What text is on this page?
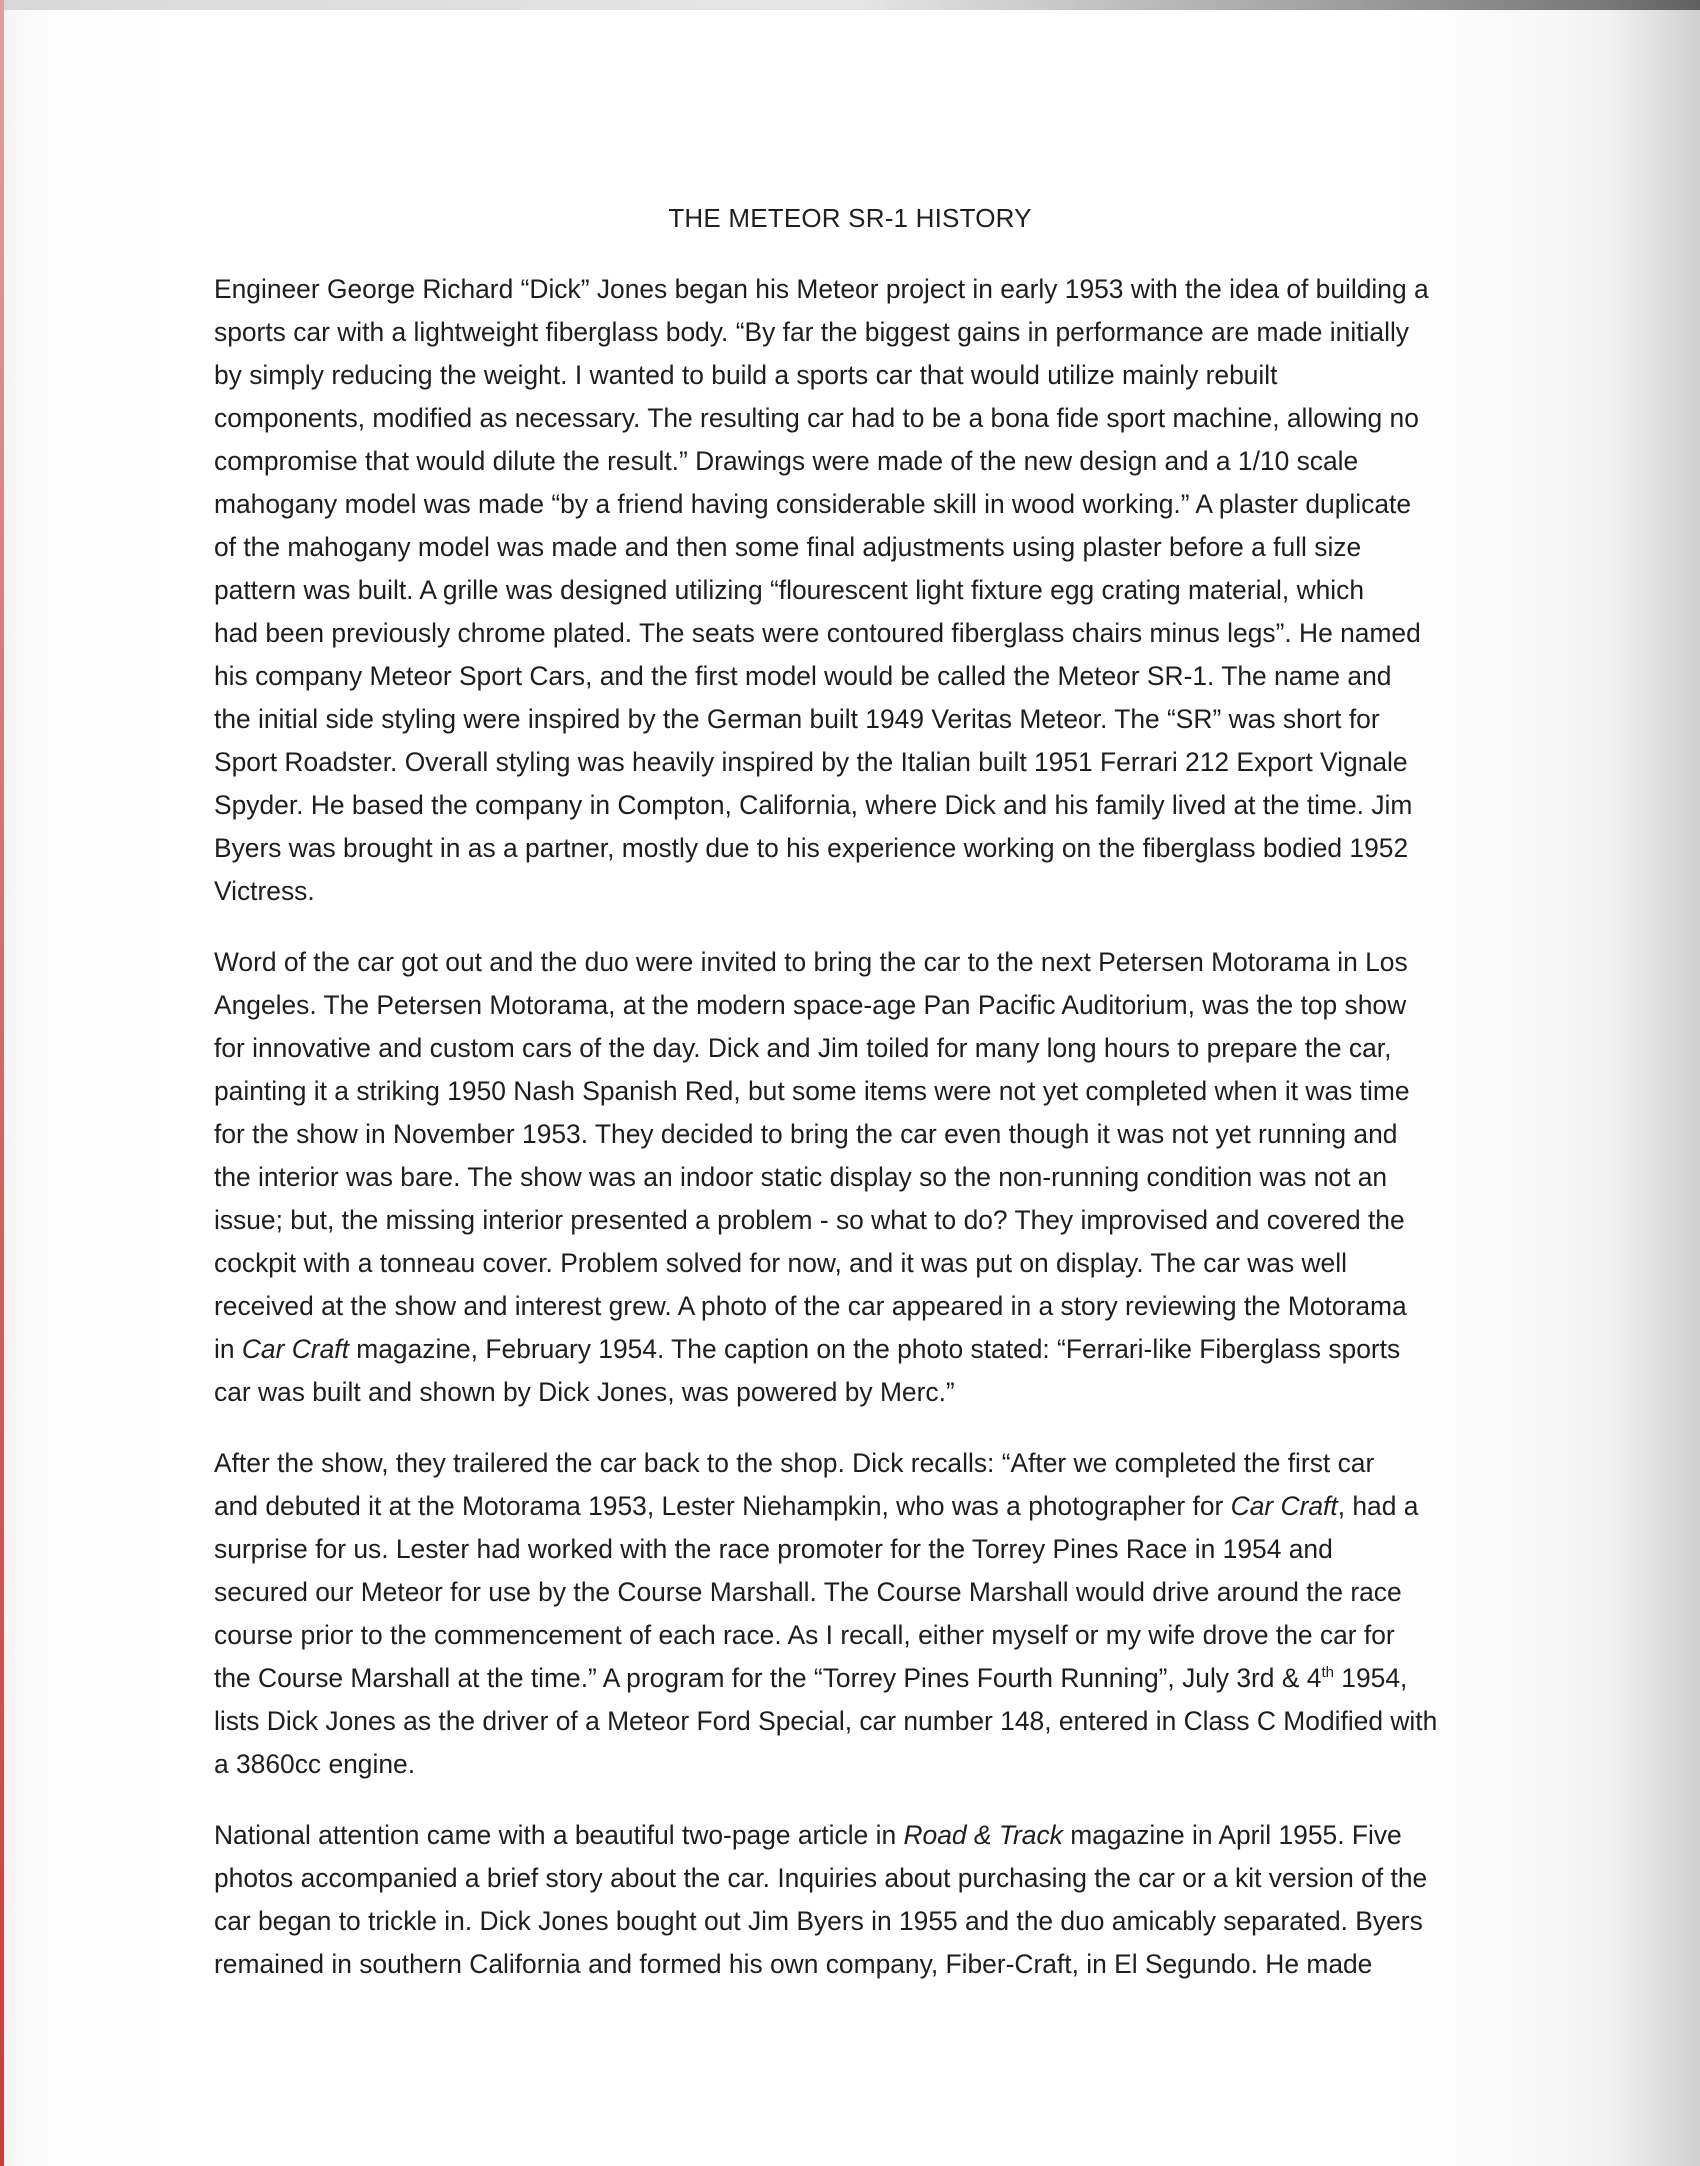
THE METEOR SR-1 HISTORY
Engineer George Richard “Dick” Jones began his Meteor project in early 1953 with the idea of building a
sports car with a lightweight fiberglass body. “By far the biggest gains in performance are made initially
by simply reducing the weight. I wanted to build a sports car that would utilize mainly rebuilt
components, modified as necessary. The resulting car had to be a bona fide sport machine, allowing no
compromise that would dilute the result.” Drawings were made of the new design and a 1/10 scale
mahogany model was made “by a friend having considerable skill in wood working.” A plaster duplicate
of the mahogany model was made and then some final adjustments using plaster before a full size
pattern was built. A grille was designed utilizing “flourescent light fixture egg crating material, which
had been previously chrome plated. The seats were contoured fiberglass chairs minus legs”. He named
his company Meteor Sport Cars, and the first model would be called the Meteor SR-1. The name and
the initial side styling were inspired by the German built 1949 Veritas Meteor. The “SR” was short for
Sport Roadster. Overall styling was heavily inspired by the Italian built 1951 Ferrari 212 Export Vignale
Spyder. He based the company in Compton, California, where Dick and his family lived at the time. Jim
Byers was brought in as a partner, mostly due to his experience working on the fiberglass bodied 1952
Victress.
Word of the car got out and the duo were invited to bring the car to the next Petersen Motorama in Los
Angeles. The Petersen Motorama, at the modern space-age Pan Pacific Auditorium, was the top show
for innovative and custom cars of the day. Dick and Jim toiled for many long hours to prepare the car,
painting it a striking 1950 Nash Spanish Red, but some items were not yet completed when it was time
for the show in November 1953. They decided to bring the car even though it was not yet running and
the interior was bare. The show was an indoor static display so the non-running condition was not an
issue; but, the missing interior presented a problem - so what to do? They improvised and covered the
cockpit with a tonneau cover. Problem solved for now, and it was put on display. The car was well
received at the show and interest grew. A photo of the car appeared in a story reviewing the Motorama
in Car Craft magazine, February 1954. The caption on the photo stated: “Ferrari-like Fiberglass sports
car was built and shown by Dick Jones, was powered by Merc.”
After the show, they trailered the car back to the shop. Dick recalls: “After we completed the first car
and debuted it at the Motorama 1953, Lester Niehampkin, who was a photographer for Car Craft, had a
surprise for us. Lester had worked with the race promoter for the Torrey Pines Race in 1954 and
secured our Meteor for use by the Course Marshall. The Course Marshall would drive around the race
course prior to the commencement of each race. As I recall, either myself or my wife drove the car for
the Course Marshall at the time.” A program for the “Torrey Pines Fourth Running”, July 3rd & 4th 1954,
lists Dick Jones as the driver of a Meteor Ford Special, car number 148, entered in Class C Modified with
a 3860cc engine.
National attention came with a beautiful two-page article in Road & Track magazine in April 1955. Five
photos accompanied a brief story about the car. Inquiries about purchasing the car or a kit version of the
car began to trickle in. Dick Jones bought out Jim Byers in 1955 and the duo amicably separated. Byers
remained in southern California and formed his own company, Fiber-Craft, in El Segundo. He made
